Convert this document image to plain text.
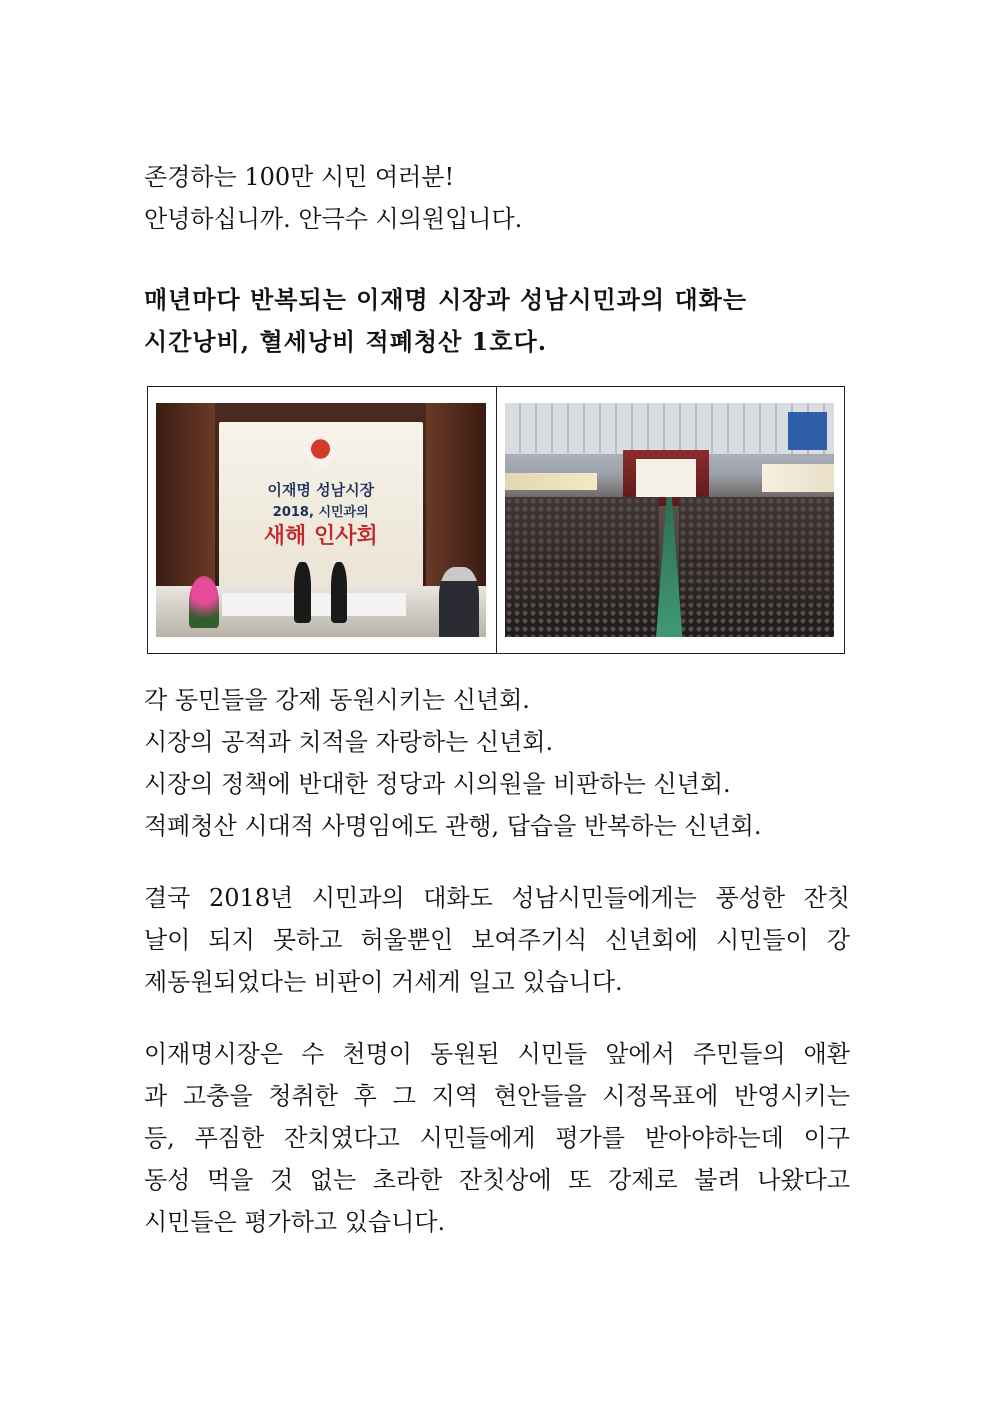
존경하는 100만 시민 여러분!
안녕하십니까. 안극수 시의원입니다.
매년마다 반복되는 이재명 시장과 성남시민과의 대화는
시간낭비, 혈세낭비 적폐청산 1호다.
이재명 성남시장
2018, 시민과의
새해 인사회
각 동민들을 강제 동원시키는 신년회.
시장의 공적과 치적을 자랑하는 신년회.
시장의 정책에 반대한 정당과 시의원을 비판하는 신년회.
적폐청산 시대적 사명임에도 관행, 답습을 반복하는 신년회.
결국 2018년 시민과의 대화도 성남시민들에게는 풍성한 잔칫
날이 되지 못하고 허울뿐인 보여주기식 신년회에 시민들이 강
제동원되었다는 비판이 거세게 일고 있습니다.
이재명시장은 수 천명이 동원된 시민들 앞에서 주민들의 애환
과 고충을 청취한 후 그 지역 현안들을 시정목표에 반영시키는
등, 푸짐한 잔치였다고 시민들에게 평가를 받아야하는데 이구
동성 먹을 것 없는 초라한 잔칫상에 또 강제로 불려 나왔다고
시민들은 평가하고 있습니다.
